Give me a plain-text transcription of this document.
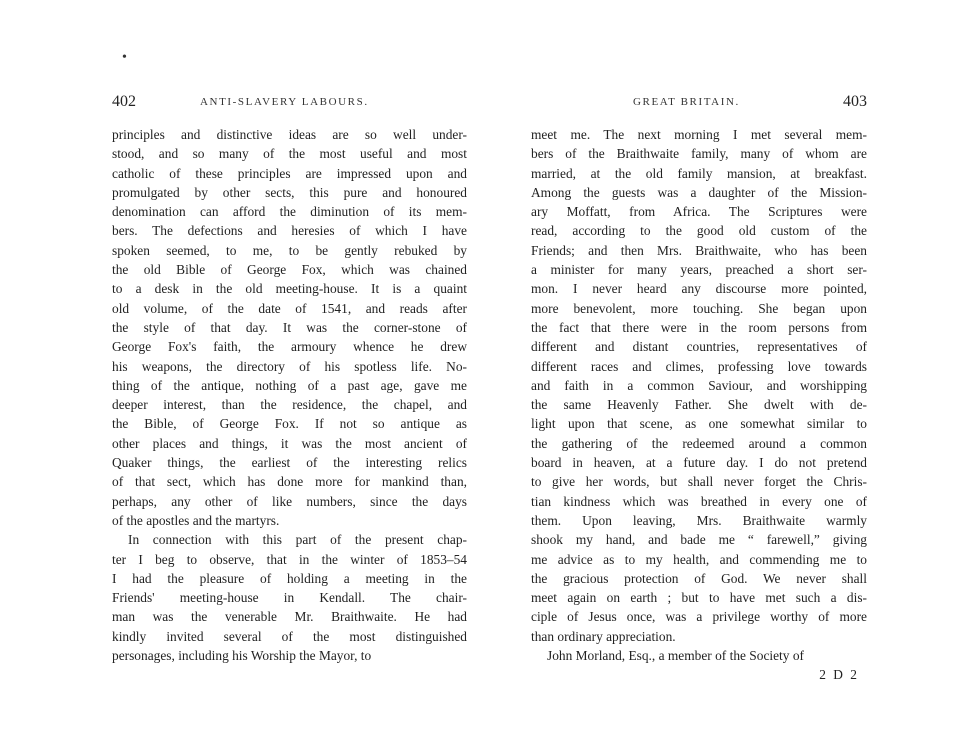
•
402	ANTI-SLAVERY LABOURS.
principles and distinctive ideas are so well under-
stood, and so many of the most useful and most
catholic of these principles are impressed upon and
promulgated by other sects, this pure and honoured
denomination can afford the diminution of its mem-
bers. The defections and heresies of which I have
spoken seemed, to me, to be gently rebuked by
the old Bible of George Fox, which was chained
to a desk in the old meeting-house. It is a quaint
old volume, of the date of 1541, and reads after
the style of that day. It was the corner-stone of
George Fox's faith, the armoury whence he drew
his weapons, the directory of his spotless life. No-
thing of the antique, nothing of a past age, gave me
deeper interest, than the residence, the chapel, and
the Bible, of George Fox. If not so antique as
other places and things, it was the most ancient of
Quaker things, the earliest of the interesting relics
of that sect, which has done more for mankind than,
perhaps, any other of like numbers, since the days
of the apostles and the martyrs.
In connection with this part of the present chap-
ter I beg to observe, that in the winter of 1853–54
I had the pleasure of holding a meeting in the
Friends' meeting-house in Kendall. The chair-
man was the venerable Mr. Braithwaite. He had
kindly invited several of the most distinguished
personages, including his Worship the Mayor, to
GREAT BRITAIN.	403
meet me. The next morning I met several mem-
bers of the Braithwaite family, many of whom are
married, at the old family mansion, at breakfast.
Among the guests was a daughter of the Mission-
ary Moffatt, from Africa. The Scriptures were
read, according to the good old custom of the
Friends; and then Mrs. Braithwaite, who has been
a minister for many years, preached a short ser-
mon. I never heard any discourse more pointed,
more benevolent, more touching. She began upon
the fact that there were in the room persons from
different and distant countries, representatives of
different races and climes, professing love towards
and faith in a common Saviour, and worshipping
the same Heavenly Father. She dwelt with de-
light upon that scene, as one somewhat similar to
the gathering of the redeemed around a common
board in heaven, at a future day. I do not pretend
to give her words, but shall never forget the Chris-
tian kindness which was breathed in every one of
them. Upon leaving, Mrs. Braithwaite warmly
shook my hand, and bade me “ farewell,” giving
me advice as to my health, and commending me to
the gracious protection of God. We never shall
meet again on earth ; but to have met such a dis-
ciple of Jesus once, was a privilege worthy of more
than ordinary appreciation.
John Morland, Esq., a member of the Society of
2 D 2
